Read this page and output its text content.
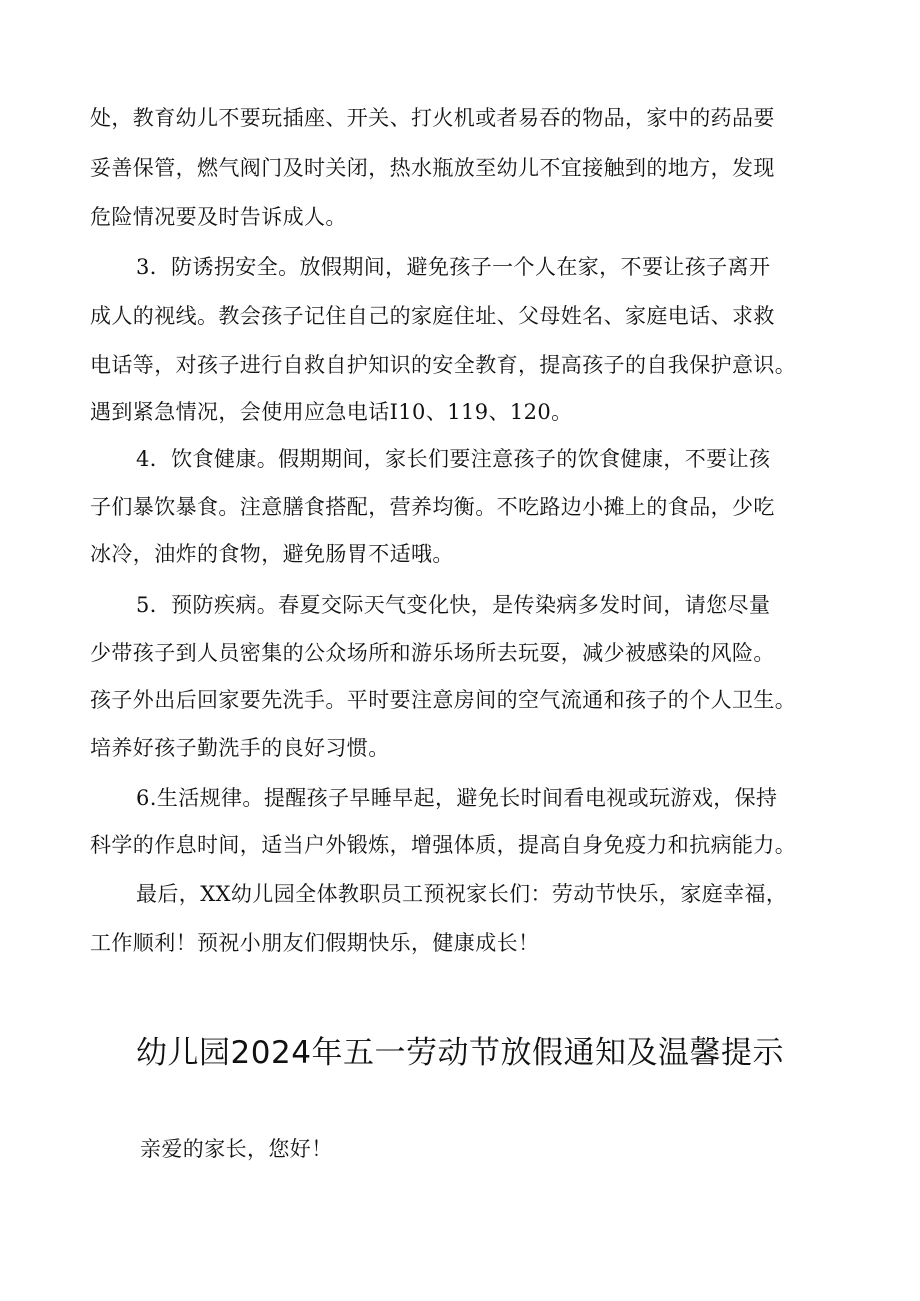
处，教育幼儿不要玩插座、开关、打火机或者易吞的物品，家中的药品要
妥善保管，燃气阀门及时关闭，热水瓶放至幼儿不宜接触到的地方，发现
危险情况要及时告诉成人。
3．防诱拐安全。放假期间，避免孩子一个人在家，不要让孩子离开
成人的视线。教会孩子记住自己的家庭住址、父母姓名、家庭电话、求救
电话等，对孩子进行自救自护知识的安全教育，提高孩子的自我保护意识。
遇到紧急情况，会使用应急电话I10、119、120。
4．饮食健康。假期期间，家长们要注意孩子的饮食健康，不要让孩
子们暴饮暴食。注意膳食搭配，营养均衡。不吃路边小摊上的食品，少吃
冰冷，油炸的食物，避免肠胃不适哦。
5．预防疾病。春夏交际天气变化快，是传染病多发时间，请您尽量
少带孩子到人员密集的公众场所和游乐场所去玩耍，减少被感染的风险。
孩子外出后回家要先洗手。平时要注意房间的空气流通和孩子的个人卫生。
培养好孩子勤洗手的良好习惯。
6.生活规律。提醒孩子早睡早起，避免长时间看电视或玩游戏，保持
科学的作息时间，适当户外锻炼，增强体质，提高自身免疫力和抗病能力。
最后，XX幼儿园全体教职员工预祝家长们：劳动节快乐，家庭幸福，
工作顺利！预祝小朋友们假期快乐，健康成长！
幼儿园2024年五一劳动节放假通知及温馨提示
亲爱的家长，您好！
